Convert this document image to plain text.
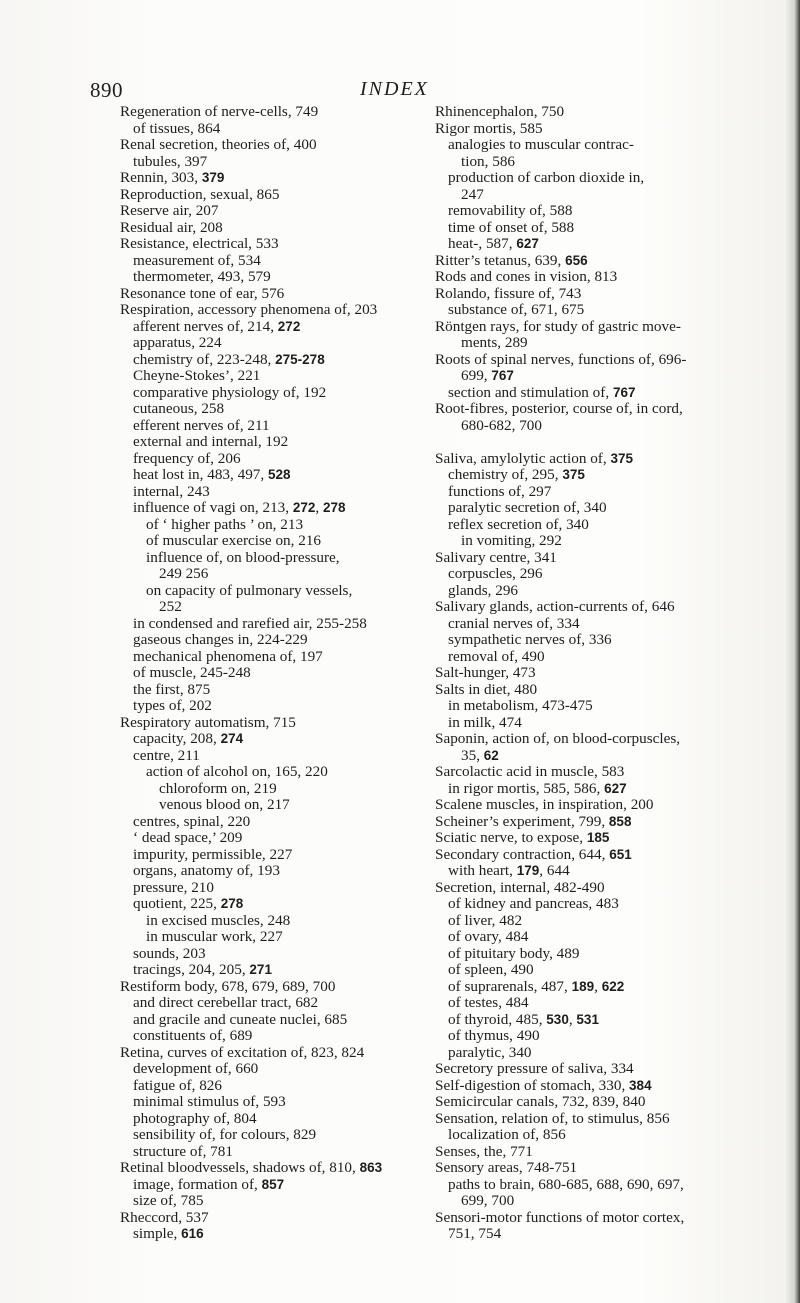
890	INDEX
Regeneration of nerve-cells, 749
of tissues, 864
Renal secretion, theories of, 400
tubules, 397
Rennin, 303, 379
Reproduction, sexual, 865
Reserve air, 207
Residual air, 208
Resistance, electrical, 533
measurement of, 534
thermometer, 493, 579
Resonance tone of ear, 576
Respiration, accessory phenomena of, 203
afferent nerves of, 214, 272
apparatus, 224
chemistry of, 223-248, 275-278
Cheyne-Stokes’, 221
comparative physiology of, 192
cutaneous, 258
efferent nerves of, 211
external and internal, 192
frequency of, 206
heat lost in, 483, 497, 528
internal, 243
influence of vagi on, 213, 272, 278
of ‘ higher paths ’ on, 213
of muscular exercise on, 216
influence of, on blood-pressure,
249 256
on capacity of pulmonary vessels,
252
in condensed and rarefied air, 255-258
gaseous changes in, 224-229
mechanical phenomena of, 197
of muscle, 245-248
the first, 875
types of, 202
Respiratory automatism, 715
capacity, 208, 274
centre, 211
action of alcohol on, 165, 220
chloroform on, 219
venous blood on, 217
centres, spinal, 220
‘ dead space,’ 209
impurity, permissible, 227
organs, anatomy of, 193
pressure, 210
quotient, 225, 278
in excised muscles, 248
in muscular work, 227
sounds, 203
tracings, 204, 205, 271
Restiform body, 678, 679, 689, 700
and direct cerebellar tract, 682
and gracile and cuneate nuclei, 685
constituents of, 689
Retina, curves of excitation of, 823, 824
development of, 660
fatigue of, 826
minimal stimulus of, 593
photography of, 804
sensibility of, for colours, 829
structure of, 781
Retinal bloodvessels, shadows of, 810, 863
image, formation of, 857
size of, 785
Rheccord, 537
simple, 616
Rhinencephalon, 750
Rigor mortis, 585
analogies to muscular contrac-
tion, 586
production of carbon dioxide in,
247
removability of, 588
time of onset of, 588
heat-, 587, 627
Ritter’s tetanus, 639, 656
Rods and cones in vision, 813
Rolando, fissure of, 743
substance of, 671, 675
Röntgen rays, for study of gastric move-
ments, 289
Roots of spinal nerves, functions of, 696-
699, 767
section and stimulation of, 767
Root-fibres, posterior, course of, in cord,
680-682, 700
Saliva, amylolytic action of, 375
chemistry of, 295, 375
functions of, 297
paralytic secretion of, 340
reflex secretion of, 340
in vomiting, 292
Salivary centre, 341
corpuscles, 296
glands, 296
Salivary glands, action-currents of, 646
cranial nerves of, 334
sympathetic nerves of, 336
removal of, 490
Salt-hunger, 473
Salts in diet, 480
in metabolism, 473-475
in milk, 474
Saponin, action of, on blood-corpuscles,
35, 62
Sarcolactic acid in muscle, 583
in rigor mortis, 585, 586, 627
Scalene muscles, in inspiration, 200
Scheiner’s experiment, 799, 858
Sciatic nerve, to expose, 185
Secondary contraction, 644, 651
with heart, 179, 644
Secretion, internal, 482-490
of kidney and pancreas, 483
of liver, 482
of ovary, 484
of pituitary body, 489
of spleen, 490
of suprarenals, 487, 189, 622
of testes, 484
of thyroid, 485, 530, 531
of thymus, 490
paralytic, 340
Secretory pressure of saliva, 334
Self-digestion of stomach, 330, 384
Semicircular canals, 732, 839, 840
Sensation, relation of, to stimulus, 856
localization of, 856
Senses, the, 771
Sensory areas, 748-751
paths to brain, 680-685, 688, 690, 697,
699, 700
Sensori-motor functions of motor cortex,
751, 754
